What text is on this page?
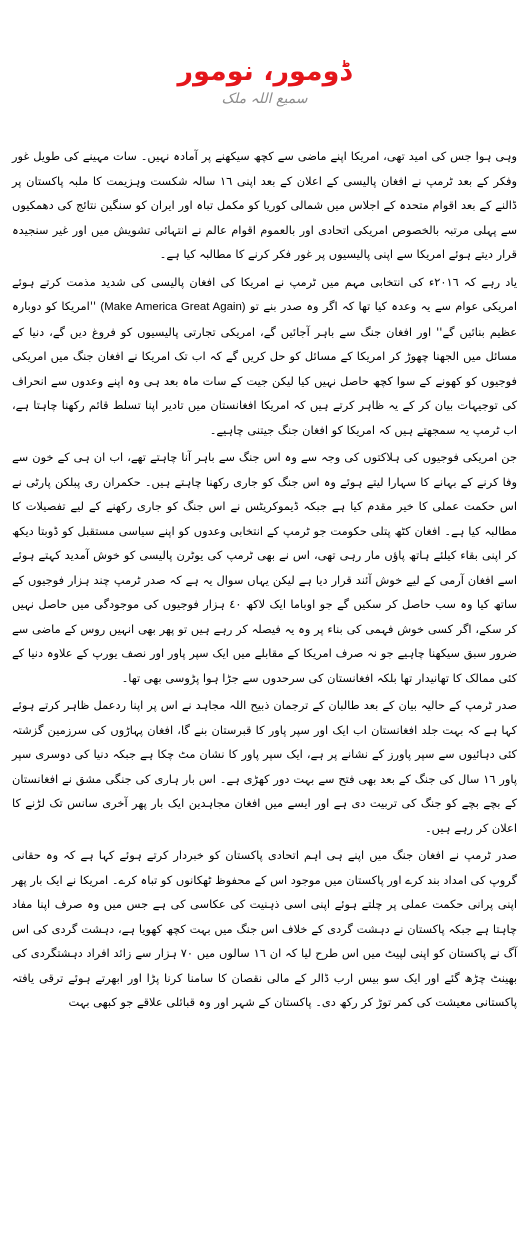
ڈومور، نومور
سمیع اللہ ملک

وہی ہوا جس کی امید تھی، امریکا اپنے ماضی سے کچھ سیکھنے پر آمادہ نہیں۔ سات مہینے کی طویل غور وفکر کے بعد ٹرمپ نے افغان پالیسی کے اعلان کے بعد اپنی ١٦ سالہ شکست وہزیمت کا ملبہ پاکستان پر ڈالنے کے بعد اقوام متحدہ کے اجلاس میں شمالی کوریا کو مکمل تباہ اور ایران کو سنگین نتائج کی دھمکیوں سے پہلی مرتبہ بالخصوص امریکی اتحادی اور بالعموم اقوام عالم نے انتہائی تشویش میں اور غیر سنجیدہ قرار دیتے ہوئے امریکا سے اپنی پالیسیوں پر غور فکر کرنے کا مطالبہ کیا ہے۔

یاد رہے کہ ٢٠١٦ء کی انتخابی مہم میں ٹرمپ نے امریکا کی افغان پالیسی کی شدید مذمت کرتے ہوئے امریکی عوام سے یہ وعدہ کیا تھا کہ اگر وہ صدر بنے تو (Make America Great Again) ''امریکا کو دوبارہ عظیم بنائیں گے'' اور افغان جنگ سے باہر آجائیں گے، امریکی تجارتی پالیسیوں کو فروغ دیں گے، دنیا کے مسائل میں الجھنا چھوڑ کر امریکا کے مسائل کو حل کریں گے کہ اب تک امریکا نے افغان جنگ میں امریکی فوجیوں کو کھونے کے سوا کچھ حاصل نہیں کیا لیکن جیت کے سات ماہ بعد ہی وہ اپنے وعدوں سے انحراف کی توجیہات بیان کر کے یہ ظاہر کرتے ہیں کہ امریکا افغانستان میں تادیر اپنا تسلط قائم رکھنا چاہتا ہے، اب ٹرمپ یہ سمجھتے ہیں کہ امریکا کو افغان جنگ جیتنی چاہیے۔

جن امریکی فوجیوں کی ہلاکتوں کی وجہ سے وہ اس جنگ سے باہر آنا چاہتے تھے، اب ان ہی کے خون سے وفا کرنے کے بہانے کا سہارا لیتے ہوئے وہ اس جنگ کو جاری رکھنا چاہتے ہیں۔ حکمران ری پبلکن پارٹی نے اس حکمت عملی کا خیر مقدم کیا ہے جبکہ ڈیموکریٹس نے اس جنگ کو جاری رکھنے کے لیے تفصیلات کا مطالبہ کیا ہے۔ افغان کٹھ پتلی حکومت جو ٹرمپ کے انتخابی وعدوں کو اپنے سیاسی مستقبل کو ڈوبتا دیکھ کر اپنی بقاء کیلئے ہاتھ پاؤں مار رہی تھی، اس نے بھی ٹرمپ کی یوٹرن پالیسی کو خوش آمدید کہتے ہوئے اسے افغان آرمی کے لیے خوش آئند قرار دیا ہے لیکن یہاں سوال یہ ہے کہ صدر ٹرمپ چند ہزار فوجیوں کے ساتھ کیا وہ سب حاصل کر سکیں گے جو اوباما ایک لاکھ ٤٠ ہزار فوجیوں کی موجودگی میں حاصل نہیں کر سکے، اگر کسی خوش فہمی کی بناء پر وہ یہ فیصلہ کر رہے ہیں تو پھر بھی انہیں روس کے ماضی سے ضرور سبق سیکھنا چاہیے جو نہ صرف امریکا کے مقابلے میں ایک سپر پاور اور نصف یورپ کے علاوہ دنیا کے کئی ممالک کا تھانیدار تھا بلکہ افغانستان کی سرحدوں سے جڑا ہوا پڑوسی بھی تھا۔

صدر ٹرمپ کے حالیہ بیان کے بعد طالبان کے ترجمان ذبیح اللہ مجاہد نے اس پر اپنا ردعمل ظاہر کرتے ہوئے کہا ہے کہ بہت جلد افغانستان اب ایک اور سپر پاور کا قبرستان بنے گا، افغان پہاڑوں کی سرزمین گزشتہ کئی دہائیوں سے سپر پاورز کے نشانے پر ہے، ایک سپر پاور کا نشان مٹ چکا ہے جبکہ دنیا کی دوسری سپر پاور ١٦ سال کی جنگ کے بعد بھی فتح سے بہت دور کھڑی ہے۔ اس بار ہاری کی جنگی مشق نے افغانستان کے بچے بچے کو جنگ کی تربیت دی ہے اور ایسے میں افغان مجاہدین ایک بار پھر آخری سانس تک لڑنے کا اعلان کر رہے ہیں۔

صدر ٹرمپ نے افغان جنگ میں اپنے ہی اہم اتحادی پاکستان کو خبردار کرتے ہوئے کہا ہے کہ وہ حقانی گروپ کی امداد بند کرے اور پاکستان میں موجود اس کے محفوظ ٹھکانوں کو تباہ کرے۔ امریکا نے ایک بار پھر اپنی پرانی حکمت عملی پر چلتے ہوئے اپنی اسی ذہنیت کی عکاسی کی ہے جس میں وہ صرف اپنا مفاد چاہتا ہے جبکہ پاکستان نے دہشت گردی کے خلاف اس جنگ میں بہت کچھ کھویا ہے، دہشت گردی کی اس آگ نے پاکستان کو اپنی لپیٹ میں اس طرح لیا کہ ان ١٦ سالوں میں ٧٠ ہزار سے زائد افراد دہشتگردی کی بھینٹ چڑھ گئے اور ایک سو بیس ارب ڈالر کے مالی نقصان کا سامنا کرنا پڑا اور ابھرتے ہوئے ترقی یافتہ پاکستانی معیشت کی کمر توڑ کر رکھ دی۔ پاکستان کے شہر اور وہ قبائلی علاقے جو کبھی بہت
